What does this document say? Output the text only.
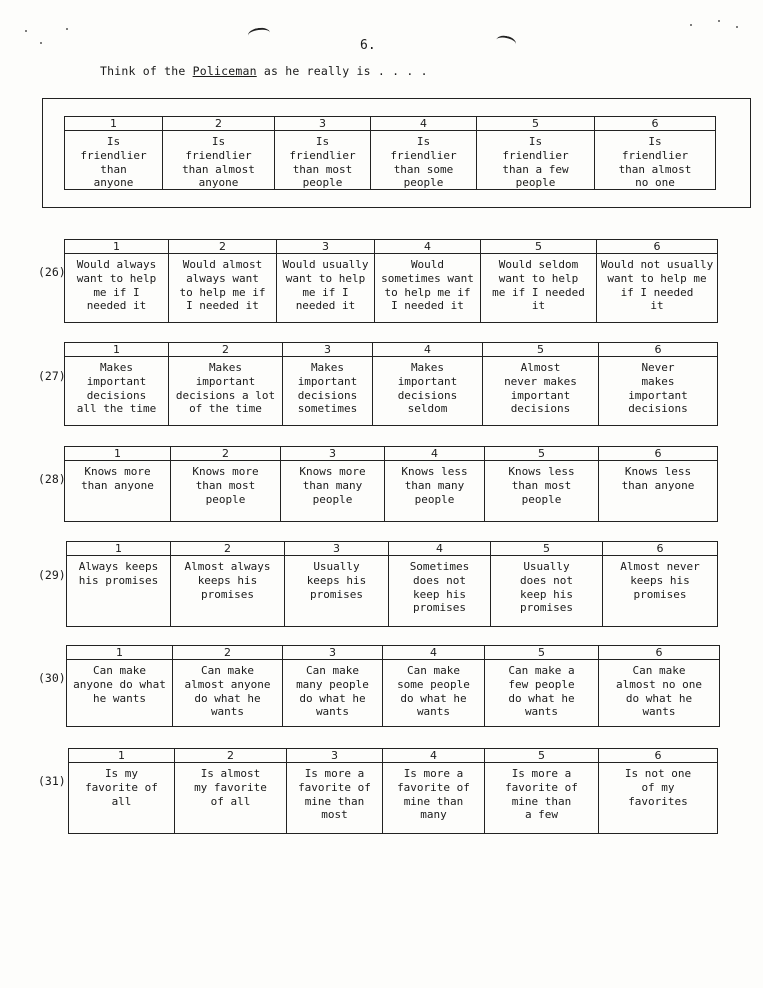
6.
Think of the Policeman as he really is . . . .
1
Is
friendlier
than
anyone
2
Is
friendlier
than almost
anyone
3
Is
friendlier
than most
people
4
Is
friendlier
than some
people
5
Is
friendlier
than a few
people
6
Is
friendlier
than almost
no one
(26)
1
Would always
want to help
me if I
needed it
2
Would almost
always want
to help me if
I needed it
3
Would usually
want to help
me if I
needed it
4
Would
sometimes want
to help me if
I needed it
5
Would seldom
want to help
me if I needed
it
6
Would not usually
want to help me
if I needed
it
(27)
1
Makes
important
decisions
all the time
2
Makes
important
decisions a lot
of the time
3
Makes
important
decisions
sometimes
4
Makes
important
decisions
seldom
5
Almost
never makes
important
decisions
6
Never
makes
important
decisions
(28)
1
Knows more
than anyone
2
Knows more
than most
people
3
Knows more
than many
people
4
Knows less
than many
people
5
Knows less
than most
people
6
Knows less
than anyone
(29)
1
Always keeps
his promises
2
Almost always
keeps his
promises
3
Usually
keeps his
promises
4
Sometimes
does not
keep his
promises
5
Usually
does not
keep his
promises
6
Almost never
keeps his
promises
(30)
1
Can make
anyone do what
he wants
2
Can make
almost anyone
do what he
wants
3
Can make
many people
do what he
wants
4
Can make
some people
do what he
wants
5
Can make a
few people
do what he
wants
6
Can make
almost no one
do what he
wants
(31)
1
Is my
favorite of
all
2
Is almost
my favorite
of all
3
Is more a
favorite of
mine than
most
4
Is more a
favorite of
mine than
many
5
Is more a
favorite of
mine than
a few
6
Is not one
of my
favorites
